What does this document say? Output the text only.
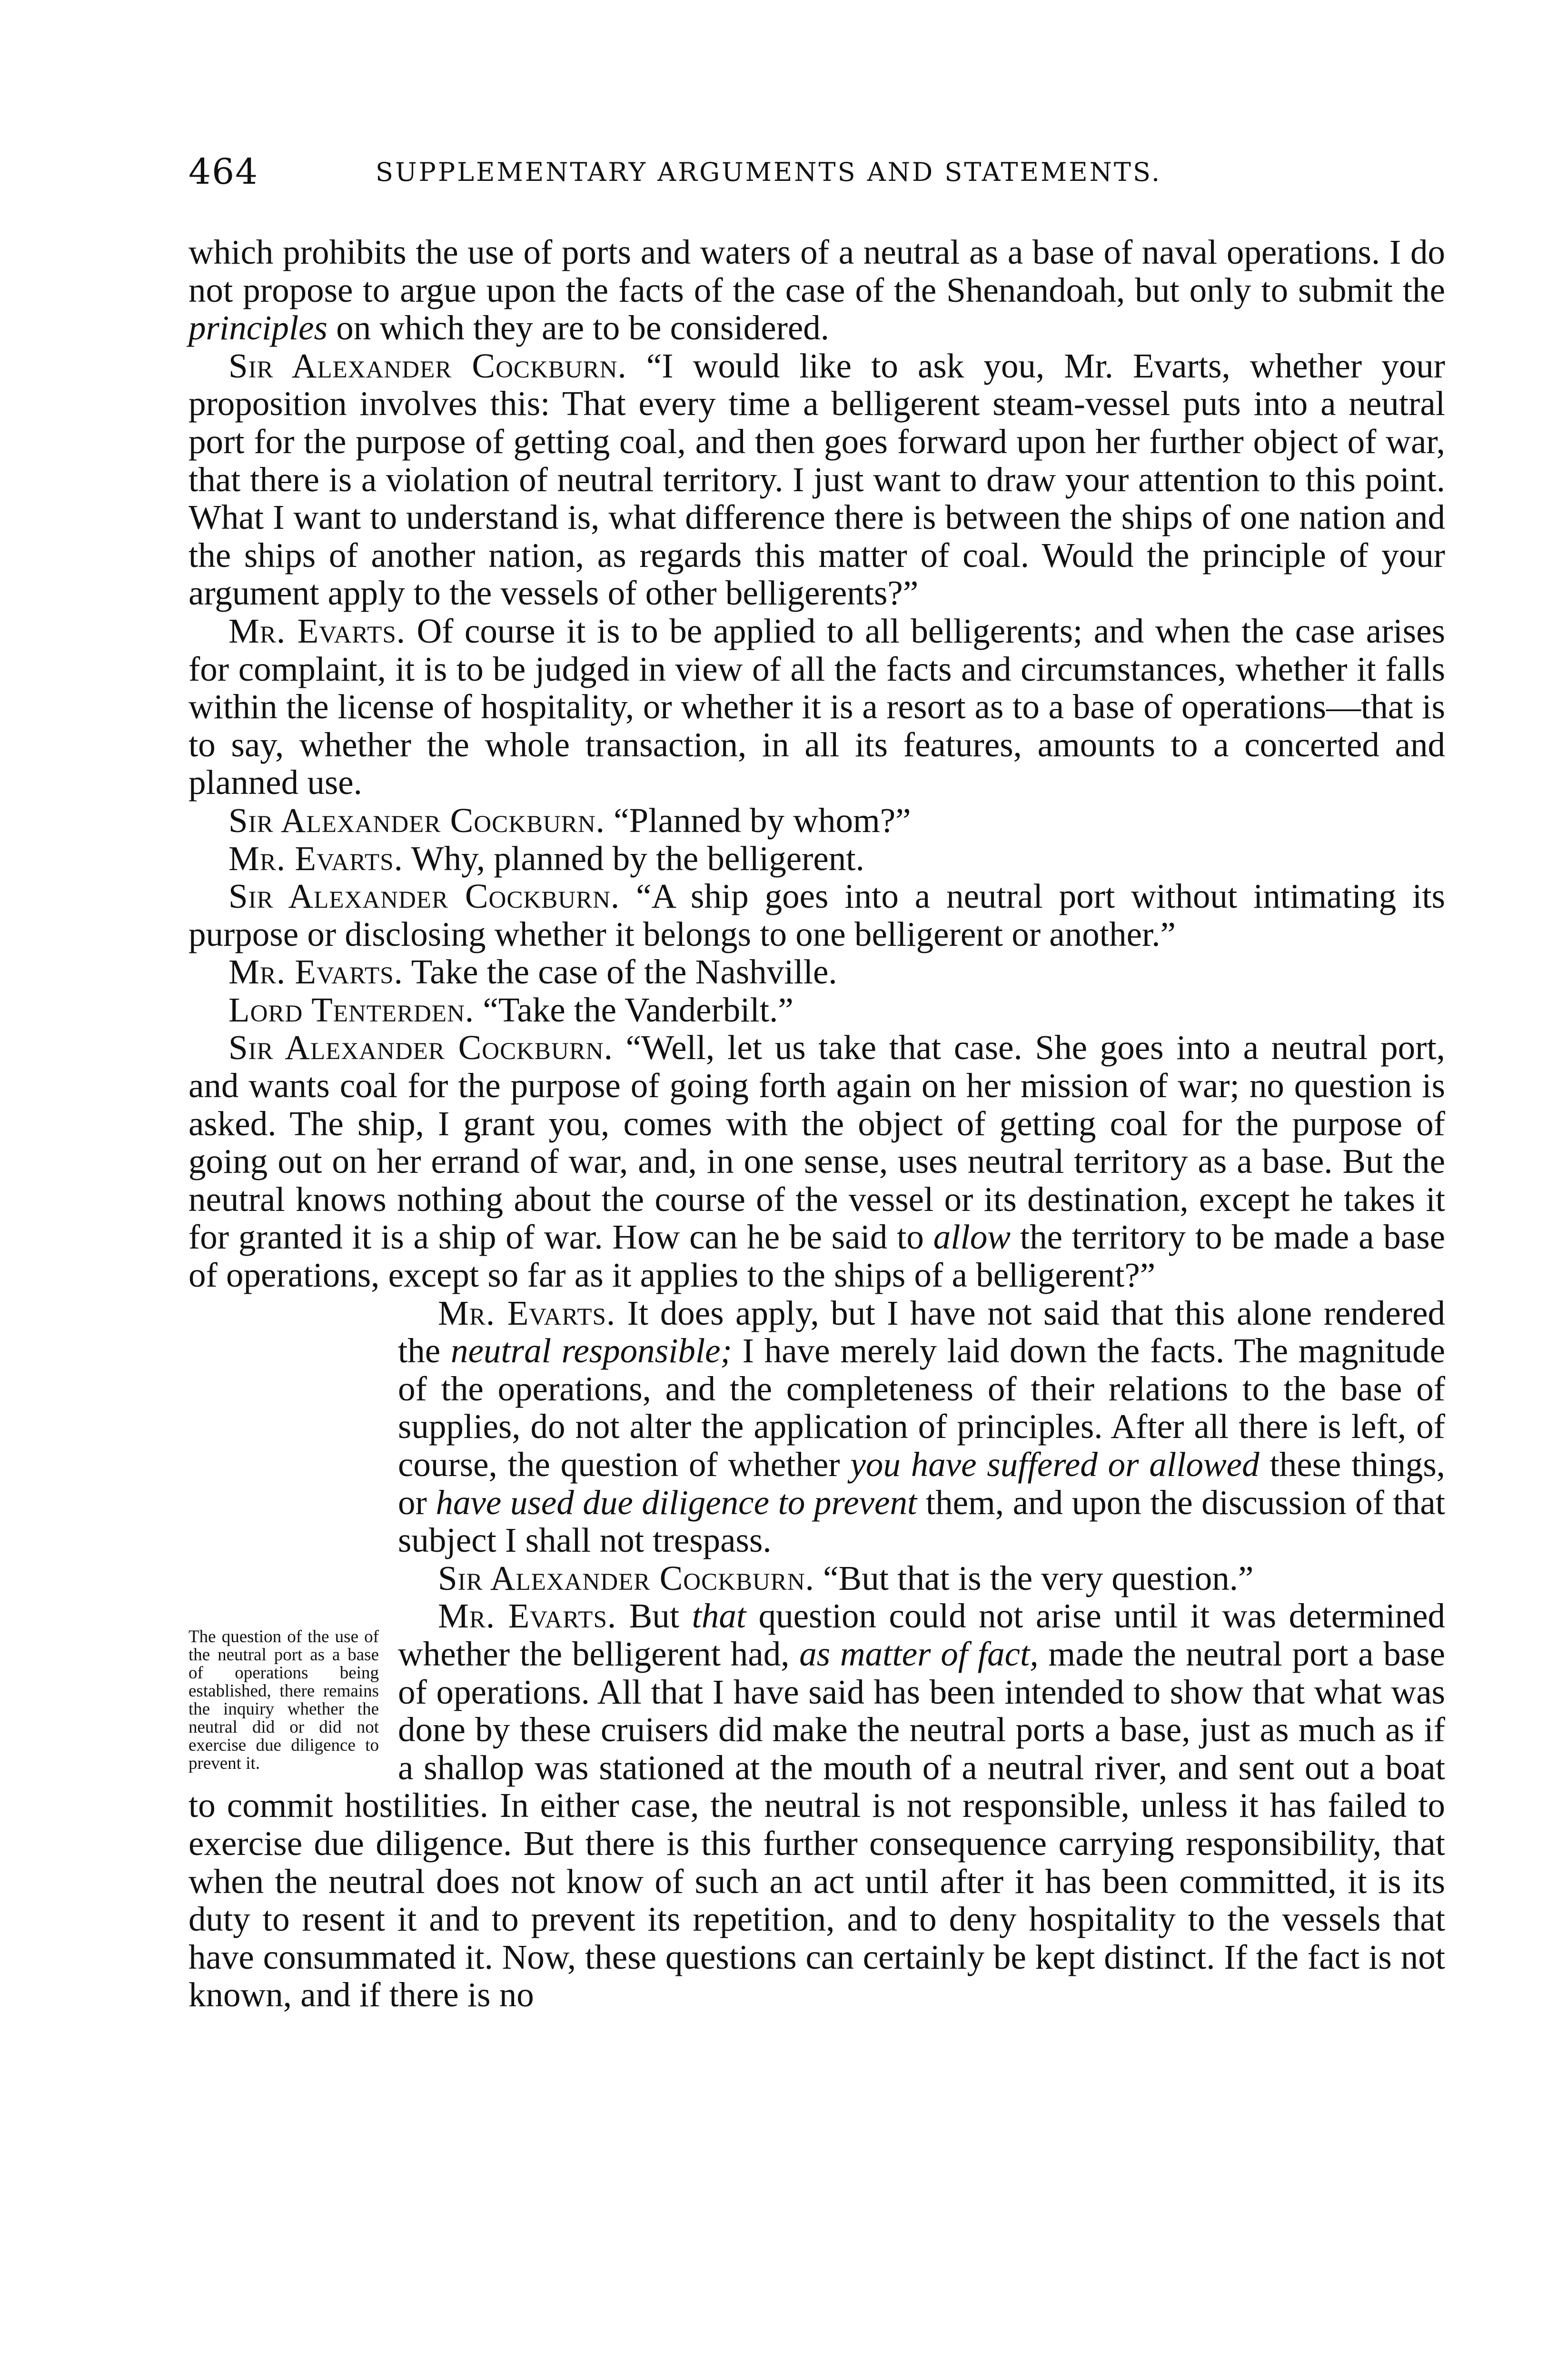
464	SUPPLEMENTARY ARGUMENTS AND STATEMENTS.

which prohibits the use of ports and waters of a neutral as a base of naval operations. I do not propose to argue upon the facts of the case of the Shenandoah, but only to submit the principles on which they are to be considered.

Sir Alexander Cockburn. “I would like to ask you, Mr. Evarts, whether your proposition involves this: That every time a belligerent steam-vessel puts into a neutral port for the purpose of getting coal, and then goes forward upon her further object of war, that there is a violation of neutral territory. I just want to draw your attention to this point. What I want to understand is, what difference there is between the ships of one nation and the ships of another nation, as regards this matter of coal. Would the principle of your argument apply to the vessels of other belligerents?”

Mr. Evarts. Of course it is to be applied to all belligerents; and when the case arises for complaint, it is to be judged in view of all the facts and circumstances, whether it falls within the license of hospitality, or whether it is a resort as to a base of operations—that is to say, whether the whole transaction, in all its features, amounts to a concerted and planned use.

Sir Alexander Cockburn. “Planned by whom?”

Mr. Evarts. Why, planned by the belligerent.

Sir Alexander Cockburn. “A ship goes into a neutral port without intimating its purpose or disclosing whether it belongs to one belligerent or another.”

Mr. Evarts. Take the case of the Nashville.

Lord Tenterden. “Take the Vanderbilt.”

Sir Alexander Cockburn. “Well, let us take that case. She goes into a neutral port, and wants coal for the purpose of going forth again on her mission of war; no question is asked. The ship, I grant you, comes with the object of getting coal for the purpose of going out on her errand of war, and, in one sense, uses neutral territory as a base. But the neutral knows nothing about the course of the vessel or its destination, except he takes it for granted it is a ship of war. How can he be said to allow the territory to be made a base of operations, except so far as it applies to the ships of a belligerent?”

Mr. Evarts. It does apply, but I have not said that this alone rendered the neutral responsible; I have merely laid down the facts. The magnitude of the operations, and the completeness of their relations to the base of supplies, do not alter the application of principles. After all there is left, of course, the question of whether you have suffered or allowed these things, or have used due diligence to prevent them, and upon the discussion of that subject I shall not trespass.

Sir Alexander Cockburn. “But that is the very question.”

Mr. Evarts. But that question could not arise until it was determined whether the belligerent had, as matter of fact, made the neutral port a base of operations. All that I have said has been intended to show that what was done by these cruisers did make the neutral ports a base, just as much as if a shallop was stationed at the mouth of a neutral river, and sent out a boat to commit hostilities. In either case, the neutral is not responsible, unless it has failed to exercise due diligence. But there is this further consequence carrying responsibility, that when the neutral does not know of such an act until after it has been committed, it is its duty to resent it and to prevent its repetition, and to deny hospitality to the vessels that have consummated it. Now, these questions can certainly be kept distinct. If the fact is not known, and if there is no

The question of the use of the neutral port as a base of operations being established, there remains the inquiry whether the neutral did or did not exercise due diligence to prevent it.
